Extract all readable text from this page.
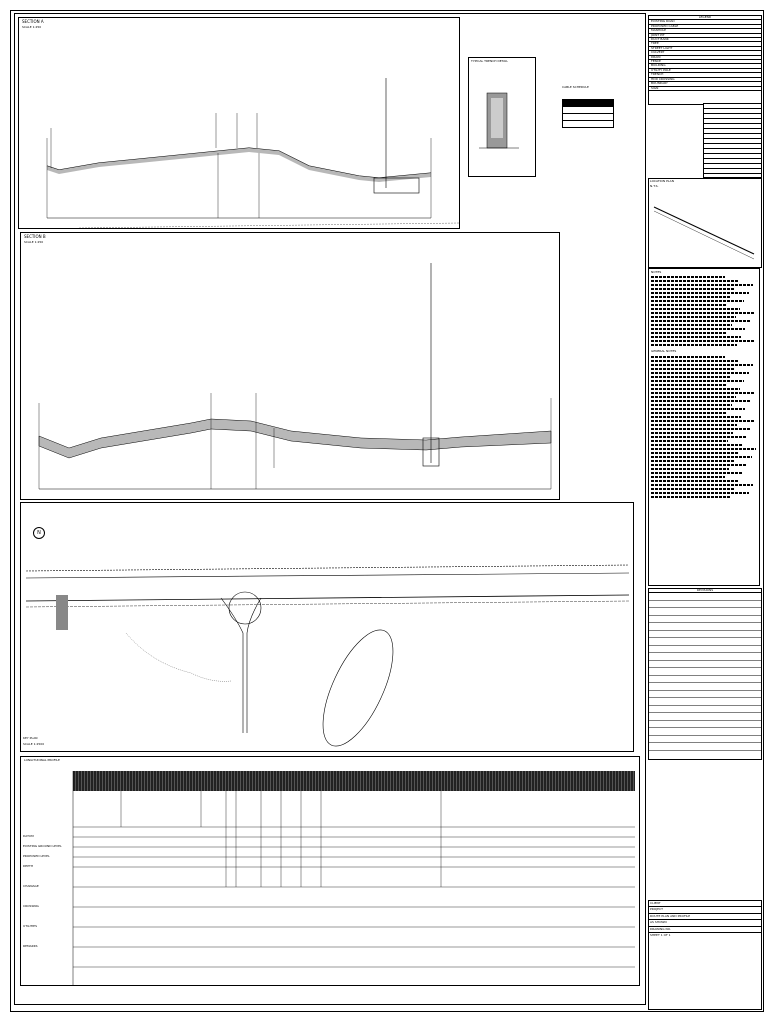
SECTION A
SCALE 1:250
TYPICAL TRENCH DETAIL
CABLE SCHEDULE
SECTION B
SCALE 1:250
N
KEY PLAN
SCALE 1:2500
LONGITUDINAL PROFILE
DATUM
EXISTING GROUND LEVEL
PROPOSED LEVEL
DEPTH
CHAINAGE
CROSSING
UTILITIES
REMARKS
LEGEND
EXISTING ROAD
PROPOSED CABLE
MANHOLE
JOINT PIT
DUCT BANK
TREE
STREET LIGHT
CULVERT
DRAIN
FENCE
BUILDING
UTILITY POLE
TRENCH
HDD CROSSING
BOUNDARY
SIGN
LOCATION PLAN
N.T.S.
NOTES
GENERAL NOTES
REVISIONS
CLIENT
PROJECT
ROUTE PLAN AND PROFILE
AS SHOWN
DRAWING NO.
SHEET 1 OF 1
